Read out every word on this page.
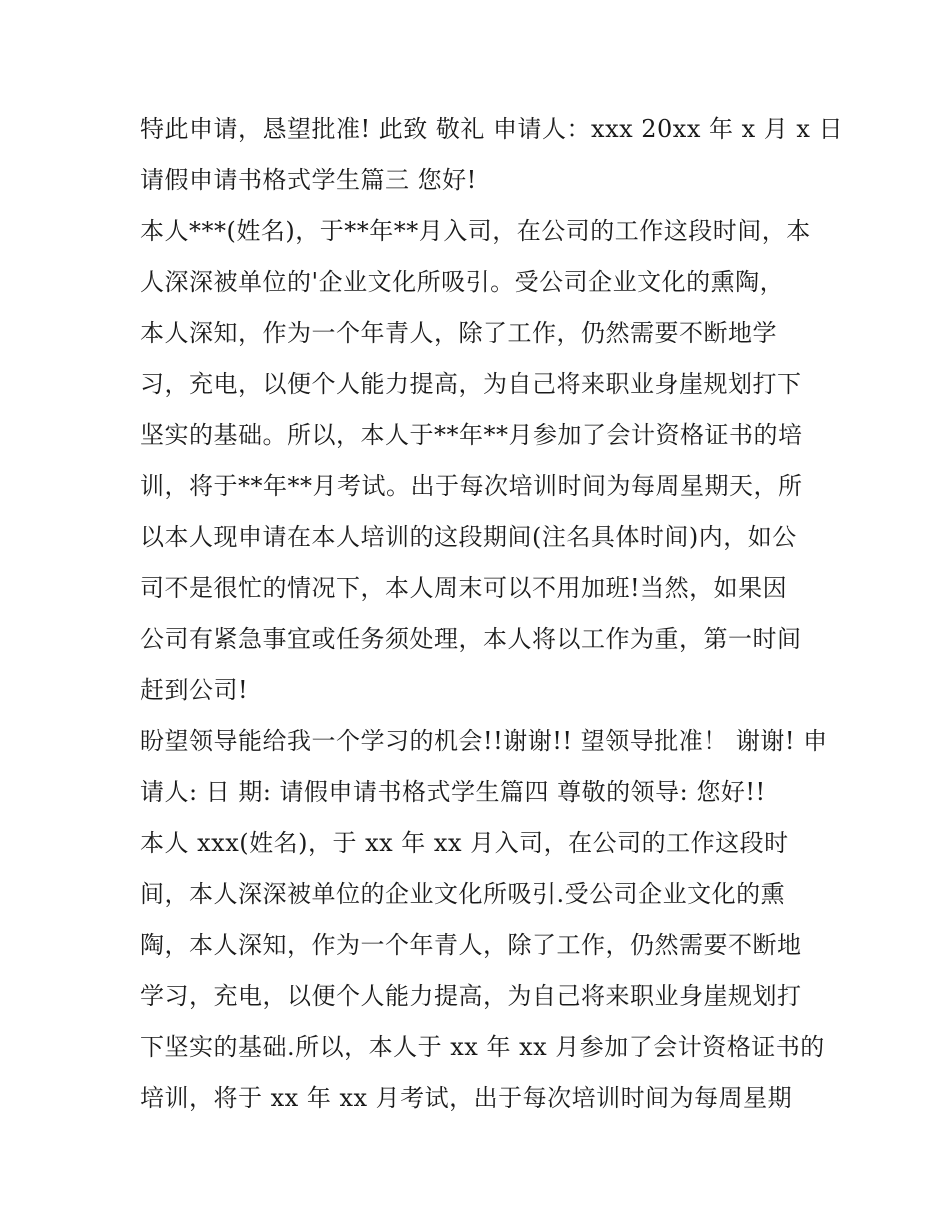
特此申请，恳望批准! 此致 敬礼 申请人：xxx 20xx 年 x 月 x 日
请假申请书格式学生篇三 您好!
本人***(姓名)，于**年**月入司，在公司的工作这段时间，本
人深深被单位的'企业文化所吸引。受公司企业文化的熏陶，
本人深知，作为一个年青人，除了工作，仍然需要不断地学
习，充电，以便个人能力提高，为自己将来职业身崖规划打下
坚实的基础。所以，本人于**年**月参加了会计资格证书的培
训，将于**年**月考试。出于每次培训时间为每周星期天，所
以本人现申请在本人培训的这段期间(注名具体时间)内，如公
司不是很忙的情况下，本人周末可以不用加班!当然，如果因
公司有紧急事宜或任务须处理，本人将以工作为重，第一时间
赶到公司!
盼望领导能给我一个学习的机会!!谢谢!! 望领导批准！ 谢谢! 申
请人: 日 期: 请假申请书格式学生篇四 尊敬的领导: 您好!!
本人 xxx(姓名)，于 xx 年 xx 月入司，在公司的工作这段时
间，本人深深被单位的企业文化所吸引.受公司企业文化的熏
陶，本人深知，作为一个年青人，除了工作，仍然需要不断地
学习，充电，以便个人能力提高，为自己将来职业身崖规划打
下坚实的基础.所以，本人于 xx 年 xx 月参加了会计资格证书的
培训，将于 xx 年 xx 月考试，出于每次培训时间为每周星期
